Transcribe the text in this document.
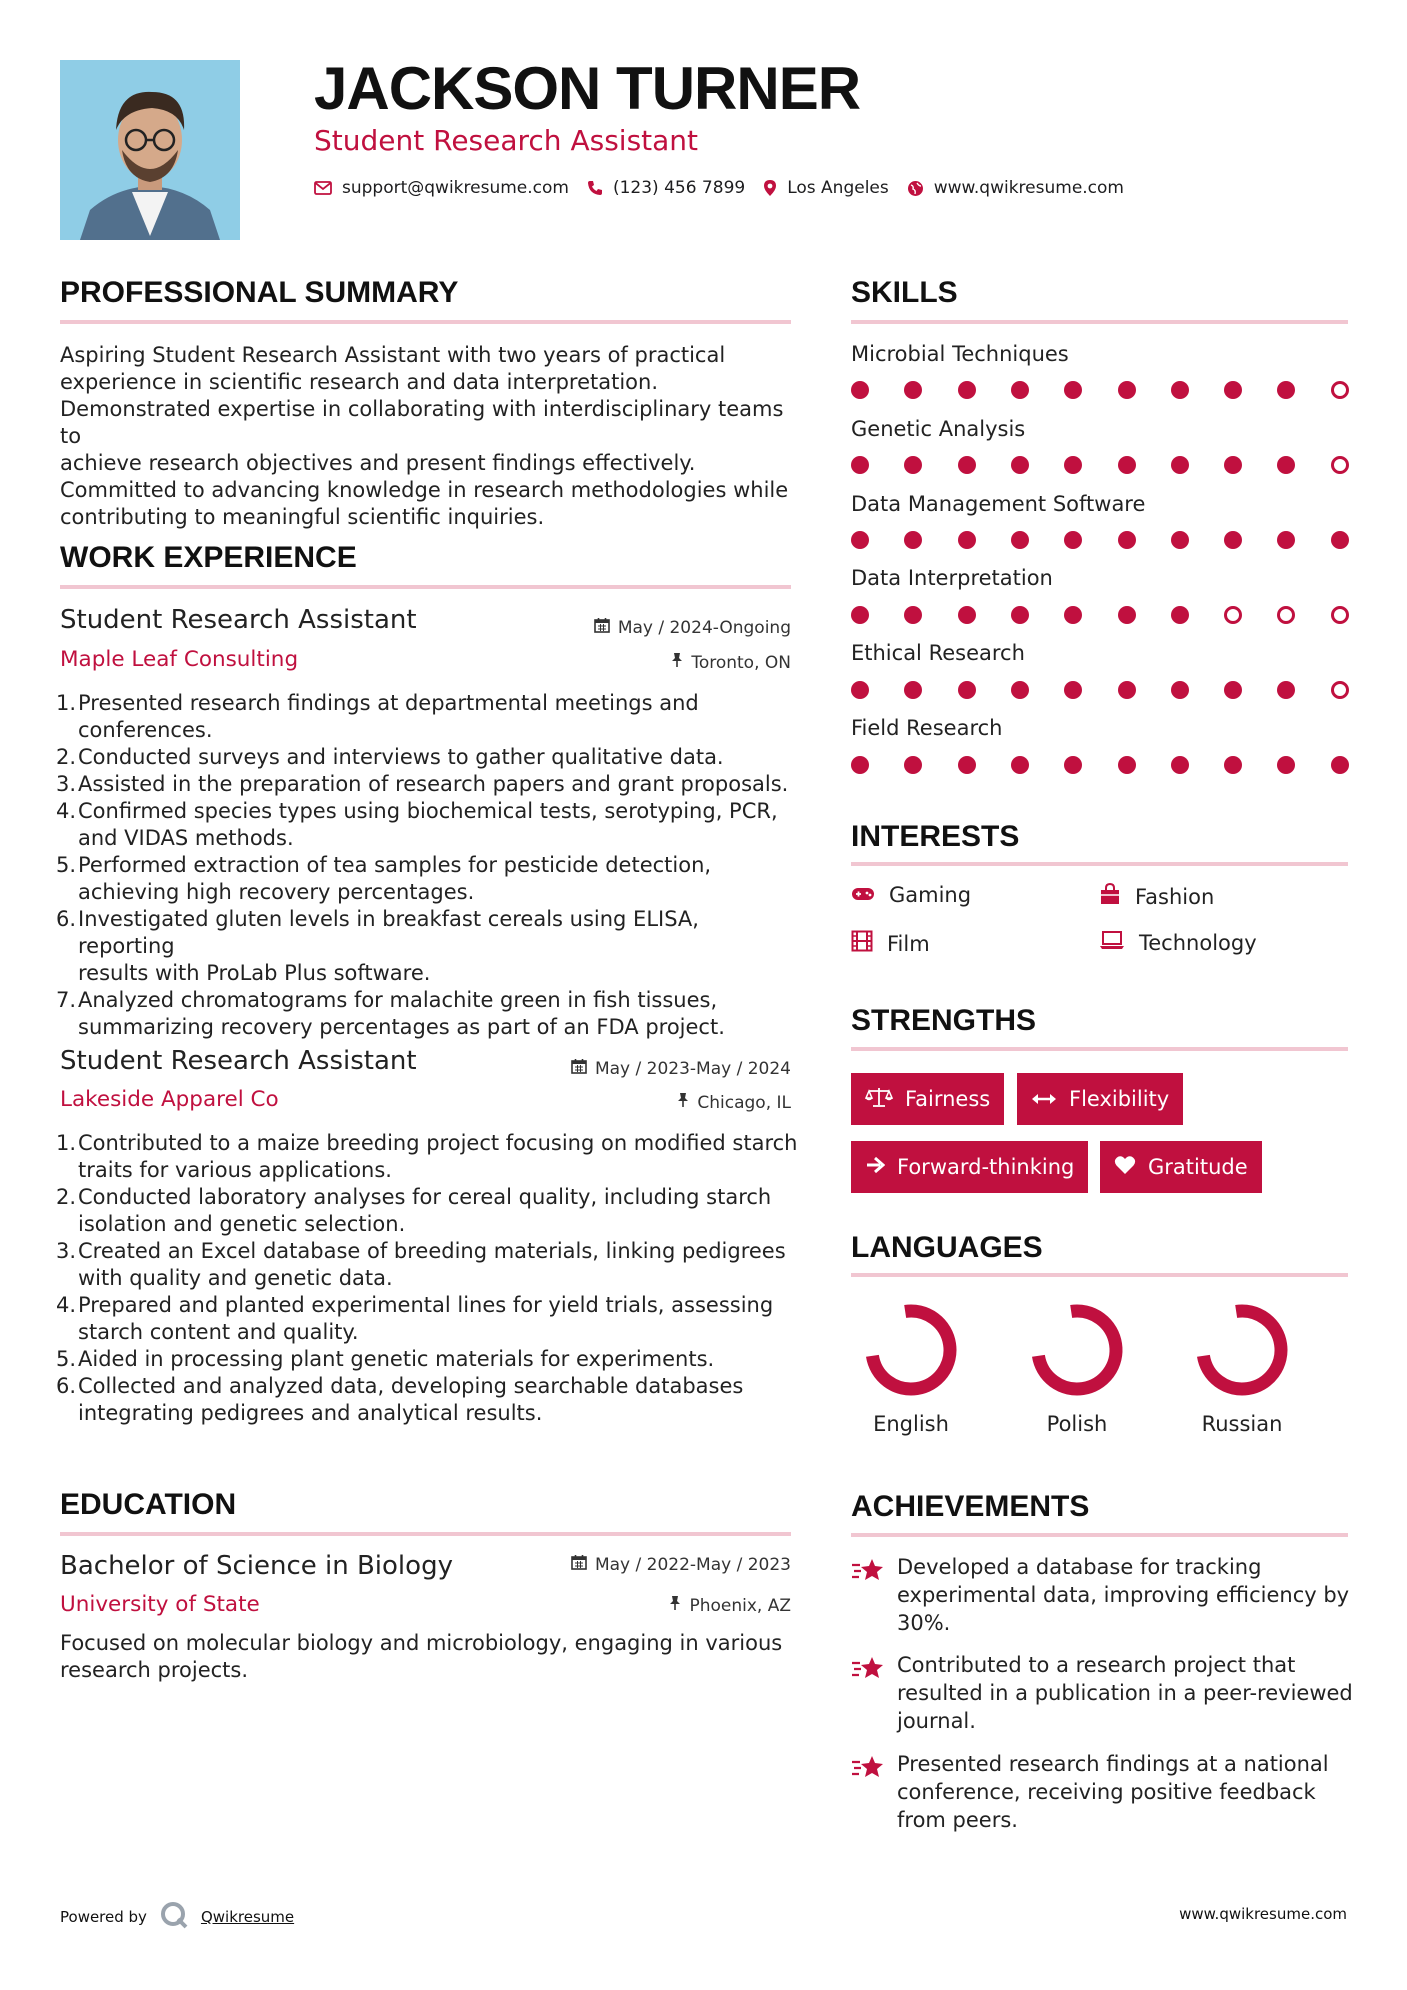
JACKSON TURNER
Student Research Assistant
support@qwikresume.com	(123) 456 7899 Los Angeles	www.qwikresume.com
PROFESSIONAL SUMMARY
Aspiring Student Research Assistant with two years of practical
experience in scientific research and data interpretation.
Demonstrated expertise in collaborating with interdisciplinary teams to
achieve research objectives and present findings effectively.
Committed to advancing knowledge in research methodologies while
contributing to meaningful scientific inquiries.
WORK EXPERIENCE
Student Research Assistant	May / 2024-Ongoing
Maple Leaf Consulting	Toronto, ON
1. Presented research findings at departmental meetings and
conferences.
2. Conducted surveys and interviews to gather qualitative data.
3. Assisted in the preparation of research papers and grant proposals.
4. Confirmed species types using biochemical tests, serotyping, PCR,
and VIDAS methods.
5. Performed extraction of tea samples for pesticide detection,
achieving high recovery percentages.
6. Investigated gluten levels in breakfast cereals using ELISA, reporting
results with ProLab Plus software.
7. Analyzed chromatograms for malachite green in fish tissues,
summarizing recovery percentages as part of an FDA project.
Student Research Assistant	May / 2023-May / 2024
Lakeside Apparel Co	Chicago, IL
1. Contributed to a maize breeding project focusing on modified starch
traits for various applications.
2. Conducted laboratory analyses for cereal quality, including starch
isolation and genetic selection.
3. Created an Excel database of breeding materials, linking pedigrees
with quality and genetic data.
4. Prepared and planted experimental lines for yield trials, assessing
starch content and quality.
5. Aided in processing plant genetic materials for experiments.
6. Collected and analyzed data, developing searchable databases
integrating pedigrees and analytical results.
EDUCATION
Bachelor of Science in Biology	May / 2022-May / 2023
University of State	Phoenix, AZ
Focused on molecular biology and microbiology, engaging in various
research projects.
SKILLS
Microbial Techniques
Genetic Analysis
Data Management Software
Data Interpretation
Ethical Research
Field Research
INTERESTS
Gaming	Fashion
Film	Technology
STRENGTHS
Fairness	Flexibility
Forward-thinking	Gratitude
LANGUAGES
English	Polish	Russian
ACHIEVEMENTS
Developed a database for tracking
experimental data, improving efficiency by
30%.
Contributed to a research project that
resulted in a publication in a peer-reviewed
journal.
Presented research findings at a national
conference, receiving positive feedback
from peers.
Powered by	Qwikresume	www.qwikresume.com
